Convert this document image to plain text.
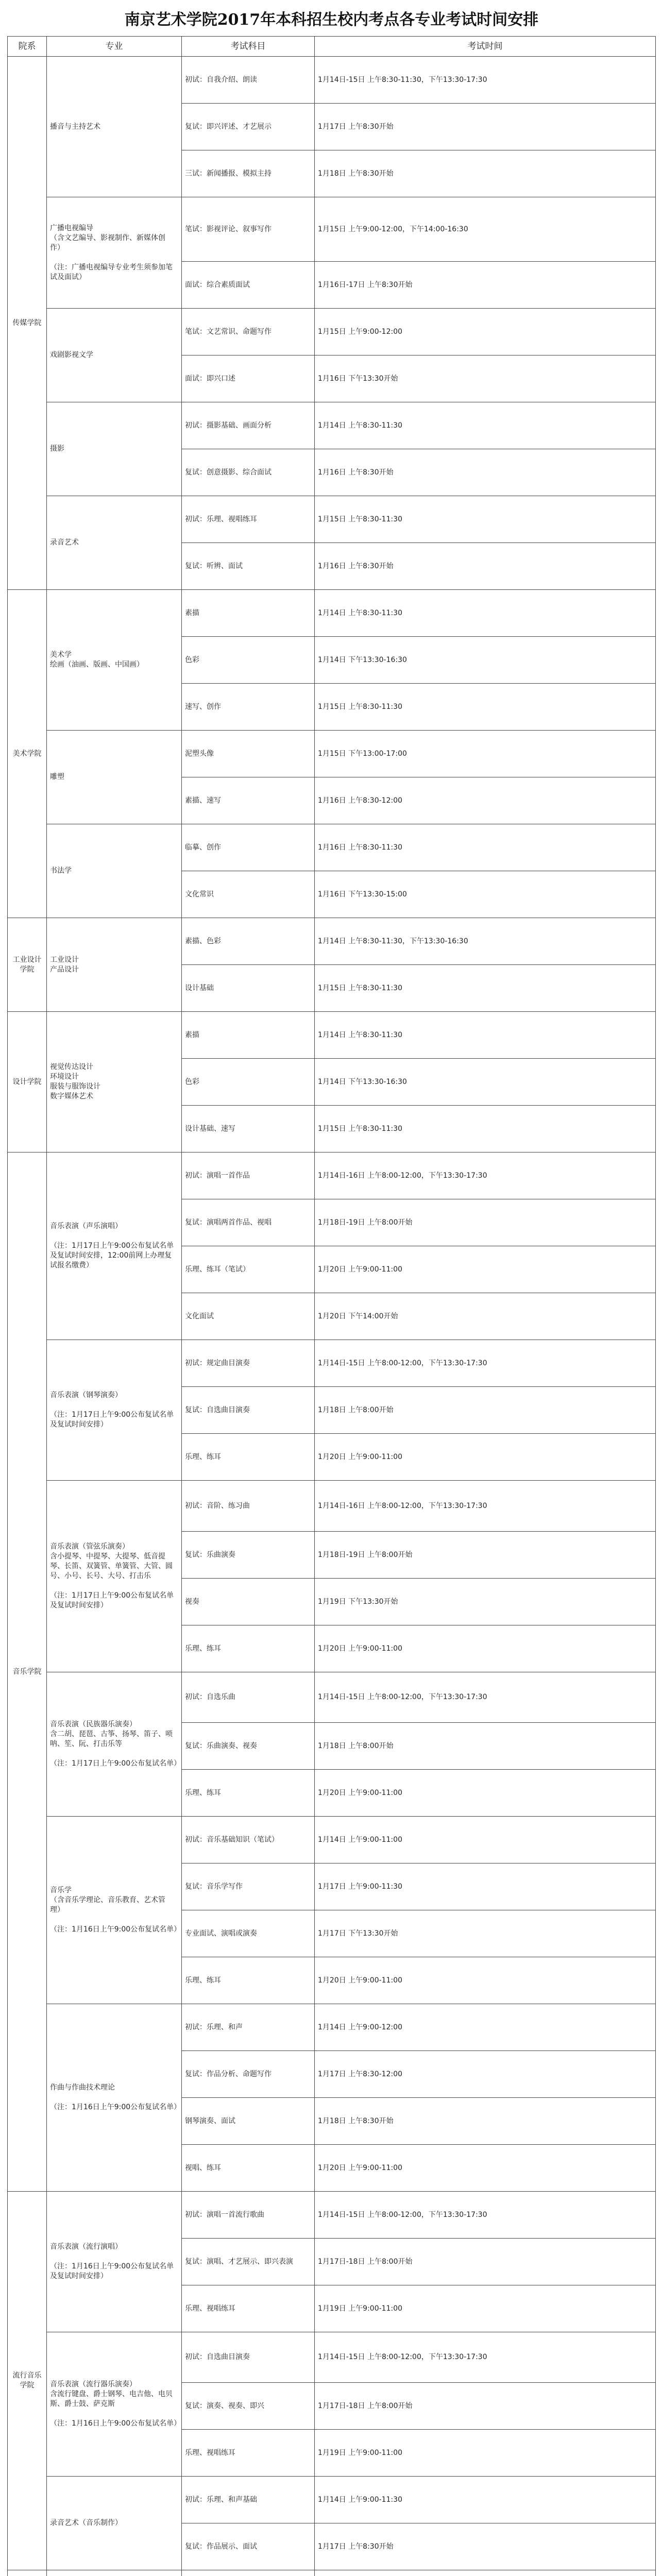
南京艺术学院2017年本科招生校内考点各专业考试时间安排
院系	专业	考试科目	考试时间
传媒学院	播音与主持艺术	初试：自我介绍、朗读	1月14日-15日 上午8:30-11:30，下午13:30-17:30
		复试：即兴评述、才艺展示	1月17日 上午8:30开始
		三试：新闻播报、模拟主持	1月18日 上午8:30开始
	广播电视编导
（含文艺编导、影视制作、新媒体创作）

（注：广播电视编导专业考生须参加笔试及面试）	笔试：影视评论、叙事写作	1月15日 上午9:00-12:00，下午14:00-16:30
		面试：综合素质面试	1月16日-17日 上午8:30开始
	戏剧影视文学	笔试：文艺常识、命题写作	1月15日 上午9:00-12:00
		面试：即兴口述	1月16日 下午13:30开始
	摄影	初试：摄影基础、画面分析	1月14日 上午8:30-11:30
		复试：创意摄影、综合面试	1月16日 上午8:30开始
	录音艺术	初试：乐理、视唱练耳	1月15日 上午8:30-11:30
		复试：听辨、面试	1月16日 上午8:30开始
美术学院	美术学
绘画（油画、版画、中国画）	素描	1月14日 上午8:30-11:30
		色彩	1月14日 下午13:30-16:30
		速写、创作	1月15日 上午8:30-11:30
	雕塑	泥塑头像	1月15日 下午13:00-17:00
		素描、速写	1月16日 上午8:30-12:00
	书法学	临摹、创作	1月16日 上午8:30-11:30
		文化常识	1月16日 下午13:30-15:00
工业设计学院	工业设计
产品设计	素描、色彩	1月14日 上午8:30-11:30，下午13:30-16:30
		设计基础	1月15日 上午8:30-11:30
设计学院	视觉传达设计
环境设计
服装与服饰设计
数字媒体艺术	素描	1月14日 上午8:30-11:30
		色彩	1月14日 下午13:30-16:30
		设计基础、速写	1月15日 上午8:30-11:30
音乐学院	音乐表演（声乐演唱）

（注：1月17日上午9:00公布复试名单及复试时间安排，12:00前网上办理复试报名缴费）	初试：演唱一首作品	1月14日-16日 上午8:00-12:00，下午13:30-17:30
		复试：演唱两首作品、视唱	1月18日-19日 上午8:00开始
		乐理、练耳（笔试）	1月20日 上午9:00-11:00
		文化面试	1月20日 下午14:00开始
	音乐表演（钢琴演奏）

（注：1月17日上午9:00公布复试名单及复试时间安排）	初试：规定曲目演奏	1月14日-15日 上午8:00-12:00，下午13:30-17:30
		复试：自选曲目演奏	1月18日 上午8:00开始
		乐理、练耳	1月20日 上午9:00-11:00
	音乐表演（管弦乐演奏）
含小提琴、中提琴、大提琴、低音提琴、长笛、双簧管、单簧管、大管、圆号、小号、长号、大号、打击乐

（注：1月17日上午9:00公布复试名单及复试时间安排）	初试：音阶、练习曲	1月14日-16日 上午8:00-12:00，下午13:30-17:30
		复试：乐曲演奏	1月18日-19日 上午8:00开始
		视奏	1月19日 下午13:30开始
		乐理、练耳	1月20日 上午9:00-11:00
	音乐表演（民族器乐演奏）
含二胡、琵琶、古筝、扬琴、笛子、唢呐、笙、阮、打击乐等

（注：1月17日上午9:00公布复试名单）	初试：自选乐曲	1月14日-15日 上午8:00-12:00，下午13:30-17:30
		复试：乐曲演奏、视奏	1月18日 上午8:00开始
		乐理、练耳	1月20日 上午9:00-11:00
	音乐学
（含音乐学理论、音乐教育、艺术管理）

（注：1月16日上午9:00公布复试名单）	初试：音乐基础知识（笔试）	1月14日 上午9:00-11:00
		复试：音乐学写作	1月17日 上午9:00-11:30
		专业面试、演唱或演奏	1月17日 下午13:30开始
		乐理、练耳	1月20日 上午9:00-11:00
	作曲与作曲技术理论

（注：1月16日上午9:00公布复试名单）	初试：乐理、和声	1月14日 上午9:00-12:00
		复试：作品分析、命题写作	1月17日 上午8:30-12:00
		钢琴演奏、面试	1月18日 上午8:30开始
		视唱、练耳	1月20日 上午9:00-11:00
流行音乐学院	音乐表演（流行演唱）

（注：1月16日上午9:00公布复试名单及复试时间安排）	初试：演唱一首流行歌曲	1月14日-15日 上午8:00-12:00，下午13:30-17:30
		复试：演唱、才艺展示、即兴表演	1月17日-18日 上午8:00开始
		乐理、视唱练耳	1月19日 上午9:00-11:00
	音乐表演（流行器乐演奏）
含流行键盘、爵士钢琴、电吉他、电贝斯、爵士鼓、萨克斯

（注：1月16日上午9:00公布复试名单）	初试：自选曲目演奏	1月14日-15日 上午8:00-12:00，下午13:30-17:30
		复试：演奏、视奏、即兴	1月17日-18日 上午8:00开始
		乐理、视唱练耳	1月19日 上午9:00-11:00
	录音艺术（音乐制作）	初试：乐理、和声基础	1月14日 上午9:00-11:30
		复试：作品展示、面试	1月17日 上午8:30开始
